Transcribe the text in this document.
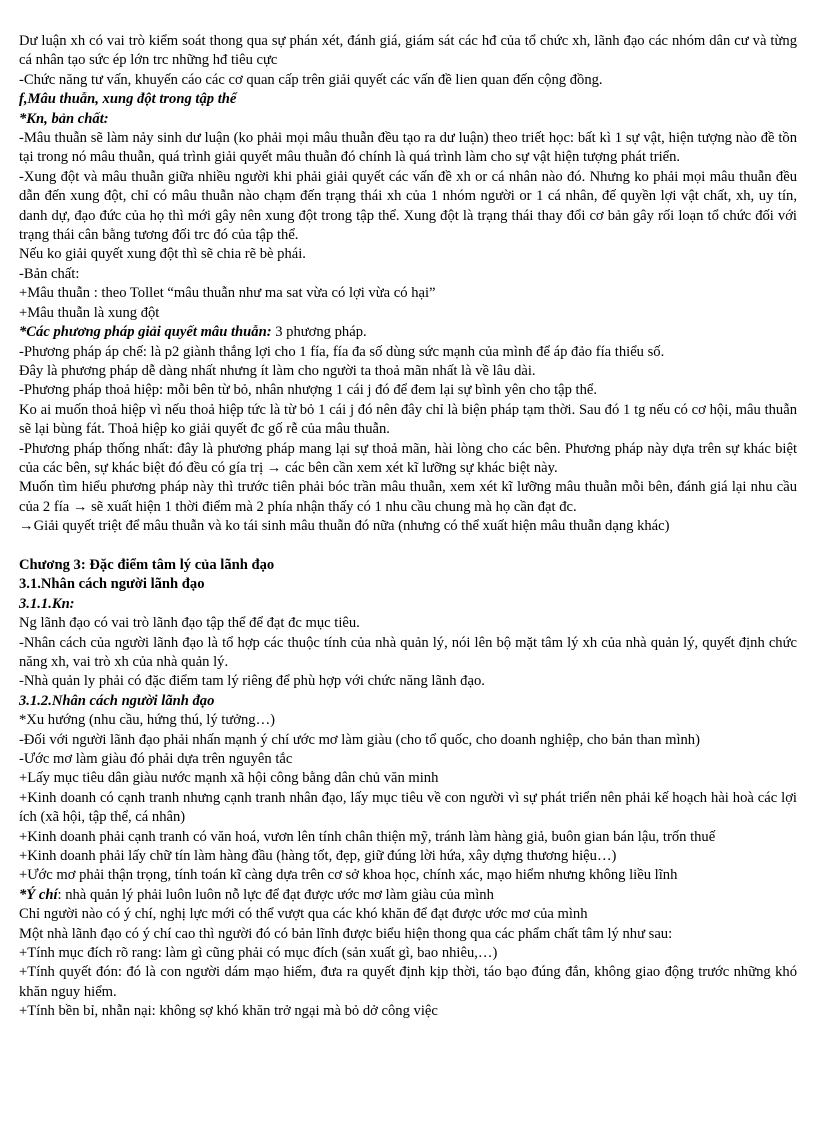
Dư luận xh có vai trò kiểm soát thong qua sự phán xét, đánh giá, giám sát các hđ của tổ chức xh, lãnh đạo các nhóm dân cư và từng cá nhân tạo sức ép lớn trc những hđ tiêu cực

-Chức năng tư vấn, khuyến cáo các cơ quan cấp trên giải quyết các vấn đề lien quan đến cộng đồng.

f,Mâu thuẫn, xung đột trong tập thể

*Kn, bản chất:

-Mâu thuẫn sẽ làm nảy sinh dư luận (ko phải mọi mâu thuẫn đều tạo ra dư luận) theo triết học: bất kì 1 sự vật, hiện tượng nào đề tồn tại trong nó mâu thuẫn, quá trình giải quyết mâu thuẫn đó chính là quá trình làm cho sự vật hiện tượng phát triển.

-Xung đột và mâu thuẫn giữa nhiều người khi phải giải quyết các vấn đề xh or cá nhân nào đó. Nhưng ko phải mọi mâu thuẫn đều dẫn đến xung đột, chỉ có mâu thuẫn nào chạm đến trạng thái xh của 1 nhóm người or 1 cá nhân, đế quyền lợi vật chất, xh, uy tín, danh dự, đạo đức của họ thì mới gây nên xung đột trong tập thể. Xung đột là trạng thái thay đổi cơ bản gây rối loạn tổ chức đối với trạng thái cân bằng tương đối trc đó của tập thể.

Nếu ko giải quyết xung đột thì sẽ chia rẽ bè phái.

-Bản chất:

+Mâu thuẫn : theo Tollet “mâu thuẫn như ma sat vừa có lợi vừa có hại”

+Mâu thuẫn là xung đột

*Các phương pháp giải quyết mâu thuẫn: 3 phương pháp.

-Phương pháp áp chế: là p2 giành thắng lợi cho 1 fía, fía đa số dùng sức mạnh của mình để áp đảo fía thiểu số.

Đây là phương pháp dễ dàng nhất nhưng ít làm cho người ta thoả mãn nhất là về lâu dài.

-Phương pháp thoả hiệp: mỗi bên từ bỏ, nhân nhượng 1 cái j đó để đem lại sự bình yên cho tập thể.

Ko ai muốn thoả hiệp vì nếu thoả hiệp tức là từ bỏ 1 cái j đó nên đây chỉ là biện pháp tạm thời. Sau đó 1 tg nếu có cơ hội, mâu thuẫn sẽ lại bùng fát. Thoả hiệp ko giải quyết đc gố rễ của mâu thuẫn.

-Phương pháp thống nhất: đây là phương pháp mang lại sự thoả mãn, hài lòng cho các bên. Phương pháp này dựa trên sự khác biệt của các bên, sự khác biệt đó đều có gía trị → các bên cần xem xét kĩ lưỡng sự khác biệt này.

Muốn tìm hiểu phương pháp này thì trước tiên phải bóc trần mâu thuẫn, xem xét kĩ lưỡng mâu thuẫn mỗi bên, đánh giá lại nhu cầu của 2 fía → sẽ xuất hiện 1 thời điểm mà 2 phía nhận thấy có 1 nhu cầu chung mà họ cần đạt đc.

→Giải quyết triệt để mâu thuẫn và ko tái sinh mâu thuẫn đó nữa (nhưng có thể xuất hiện mâu thuẫn dạng khác)

Chương 3: Đặc điểm tâm lý của lãnh đạo

3.1.Nhân cách người lãnh đạo

3.1.1.Kn:

Ng lãnh đạo có vai trò lãnh đạo tập thể để đạt đc mục tiêu.

-Nhân cách của người lãnh đạo là tổ hợp các thuộc tính của nhà quản lý, nói lên bộ mặt tâm lý xh của nhà quản lý, quyết định chức năng xh, vai trò xh của nhà quản lý.

-Nhà quản ly phải có đặc điểm tam lý riêng để phù hợp với chức năng lãnh đạo.

3.1.2.Nhân cách người lãnh đạo

*Xu hướng (nhu cầu, hứng thú, lý tưởng…)

-Đối với người lãnh đạo phải nhấn mạnh ý chí ước mơ làm giàu (cho tổ quốc, cho doanh nghiệp, cho bản than mình)

-Ước mơ làm giàu đó phải dựa trên nguyên tắc

+Lấy mục tiêu dân giàu nước mạnh xã hội công bằng dân chủ văn minh

+Kinh doanh có cạnh tranh nhưng cạnh tranh nhân đạo, lấy mục tiêu về con người vì sự phát triển nên phải kế hoạch hài hoà các lợi ích (xã hội, tập thể, cá nhân)

+Kinh doanh phải cạnh tranh có văn hoá, vươn lên tính chân thiện mỹ, tránh làm hàng giả, buôn gian bán lậu, trốn thuế

+Kinh doanh phải lấy chữ tín làm hàng đầu (hàng tốt, đẹp, giữ đúng lời hứa, xây dựng thương hiệu…)

+Ước mơ phải thận trọng, tính toán kĩ càng dựa trên cơ sở khoa học, chính xác, mạo hiểm nhưng không liều lĩnh

*Ý chí: nhà quản lý phải luôn luôn nỗ lực để đạt được ước mơ làm giàu của mình

Chỉ người nào có ý chí, nghị lực mới có thể vượt qua các khó khăn để đạt được ước mơ của mình

Một nhà lãnh đạo có ý chí cao thì người đó có bản lĩnh được biểu hiện thong qua các phẩm chất tâm lý như sau:

+Tính mục đích rõ rang: làm gì cũng phải có mục đích (sản xuất gì, bao nhiêu,…)

+Tính quyết đón: đó là con người dám mạo hiểm, đưa ra quyết định kịp thời, táo bạo đúng đắn, không giao động trước những khó khăn nguy hiểm.

+Tính bền bỉ, nhẫn nại: không sợ khó khăn trở ngại mà bỏ dở công việc
